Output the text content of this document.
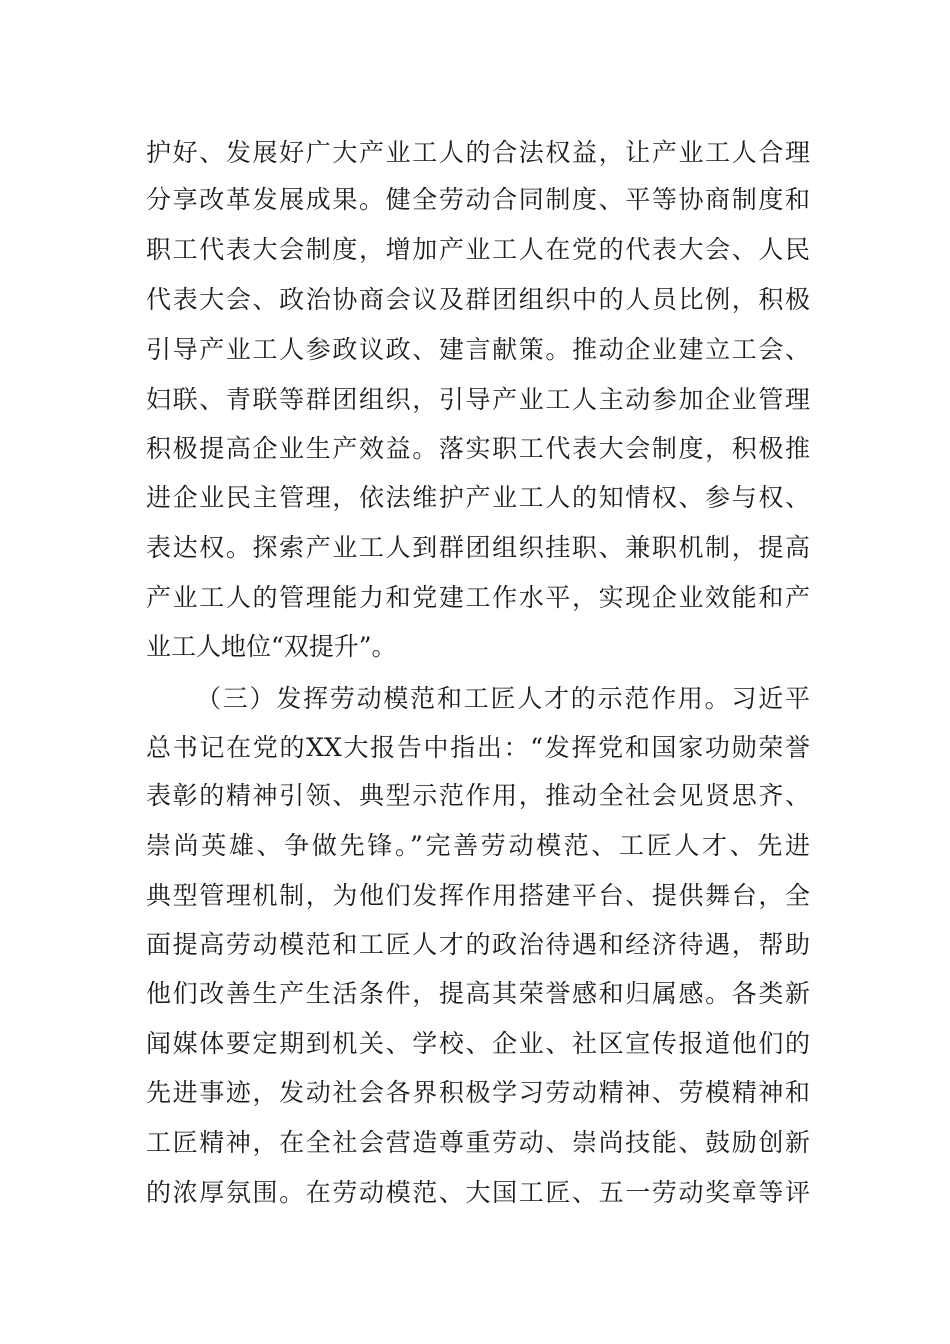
护好、发展好广大产业工人的合法权益，让产业工人合理
分享改革发展成果。健全劳动合同制度、平等协商制度和
职工代表大会制度，增加产业工人在党的代表大会、人民
代表大会、政治协商会议及群团组织中的人员比例，积极
引导产业工人参政议政、建言献策。推动企业建立工会、
妇联、青联等群团组织，引导产业工人主动参加企业管理
积极提高企业生产效益。落实职工代表大会制度，积极推
进企业民主管理，依法维护产业工人的知情权、参与权、
表达权。探索产业工人到群团组织挂职、兼职机制，提高
产业工人的管理能力和党建工作水平，实现企业效能和产
业工人地位“双提升”。
（三）发挥劳动模范和工匠人才的示范作用。习近平
总书记在党的XX大报告中指出：“发挥党和国家功勋荣誉
表彰的精神引领、典型示范作用，推动全社会见贤思齐、
崇尚英雄、争做先锋。”完善劳动模范、工匠人才、先进
典型管理机制，为他们发挥作用搭建平台、提供舞台，全
面提高劳动模范和工匠人才的政治待遇和经济待遇，帮助
他们改善生产生活条件，提高其荣誉感和归属感。各类新
闻媒体要定期到机关、学校、企业、社区宣传报道他们的
先进事迹，发动社会各界积极学习劳动精神、劳模精神和
工匠精神，在全社会营造尊重劳动、崇尚技能、鼓励创新
的浓厚氛围。在劳动模范、大国工匠、五一劳动奖章等评
